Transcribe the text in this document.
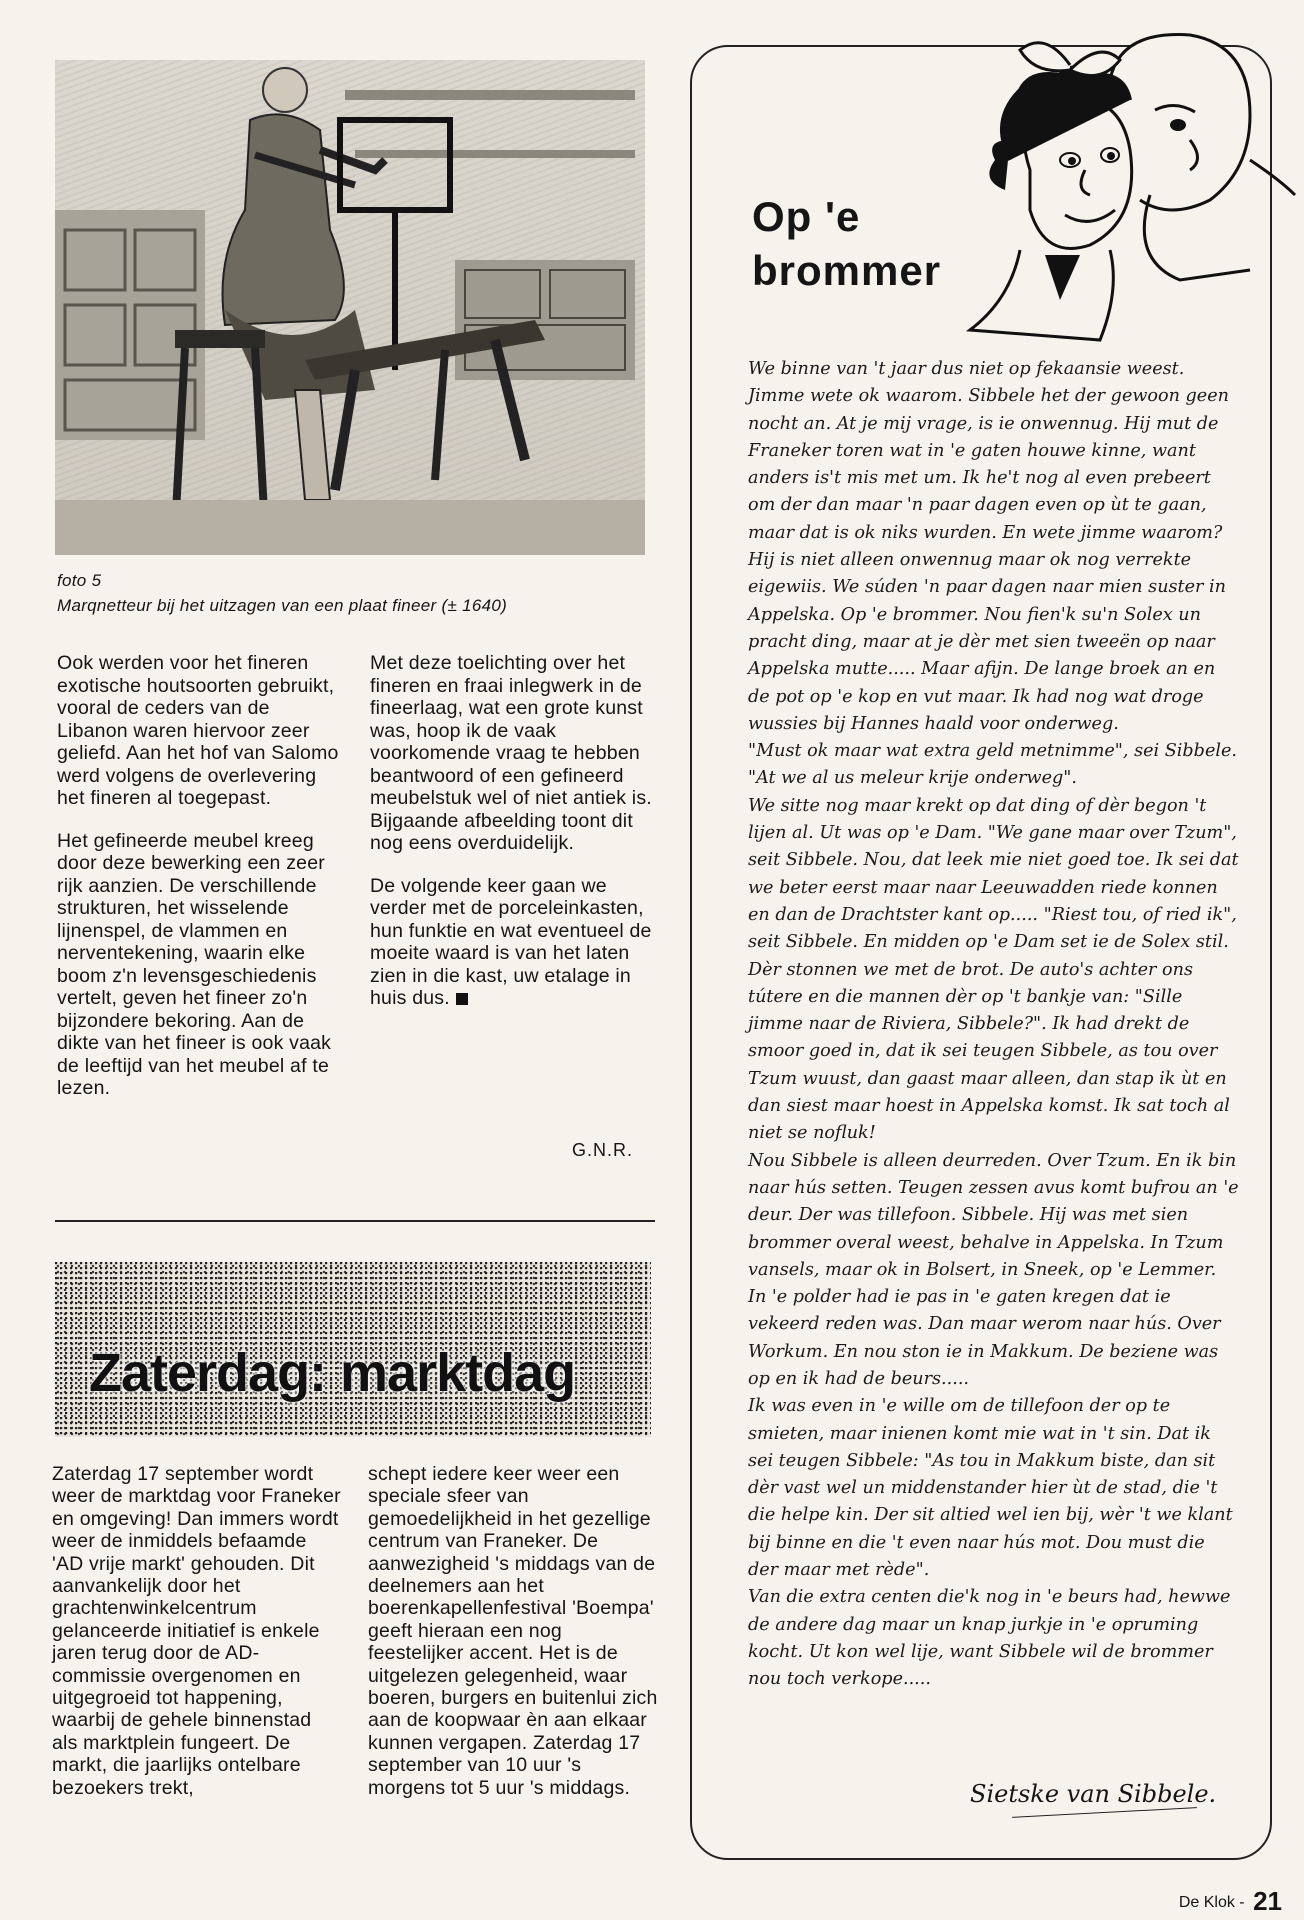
foto 5
Marqnetteur bij het uitzagen van een plaat fineer (± 1640)

Ook werden voor het fineren exotische houtsoorten gebruikt, vooral de ceders van de Libanon waren hiervoor zeer geliefd. Aan het hof van Salomo werd volgens de overlevering het fineren al toegepast.

Het gefineerde meubel kreeg door deze bewerking een zeer rijk aanzien. De verschillende strukturen, het wisselende lijnenspel, de vlammen en nerventekening, waarin elke boom z'n levensgeschiedenis vertelt, geven het fineer zo'n bijzondere bekoring. Aan de dikte van het fineer is ook vaak de leeftijd van het meubel af te lezen.

Met deze toelichting over het fineren en fraai inlegwerk in de fineerlaag, wat een grote kunst was, hoop ik de vaak voorkomende vraag te hebben beantwoord of een gefineerd meubelstuk wel of niet antiek is. Bijgaande afbeelding toont dit nog eens overduidelijk.

De volgende keer gaan we verder met de porceleinkasten, hun funktie en wat eventueel de moeite waard is van het laten zien in die kast, uw etalage in huis dus.

G.N.R.
Zaterdag: marktdag

Zaterdag 17 september wordt weer de marktdag voor Franeker en omgeving! Dan immers wordt weer de inmiddels befaamde 'AD vrije markt' gehouden. Dit aanvankelijk door het grachtenwinkelcentrum gelanceerde initiatief is enkele jaren terug door de AD-commissie overgenomen en uitgegroeid tot happening, waarbij de gehele binnenstad als marktplein fungeert. De markt, die jaarlijks ontelbare bezoekers trekt,

schept iedere keer weer een speciale sfeer van gemoedelijkheid in het gezellige centrum van Franeker. De aanwezigheid 's middags van de deelnemers aan het boerenkapellenfestival 'Boempa' geeft hieraan een nog feestelijker accent. Het is de uitgelezen gelegenheid, waar boeren, burgers en buitenlui zich aan de koopwaar èn aan elkaar kunnen vergapen. Zaterdag 17 september van 10 uur 's morgens tot 5 uur 's middags.

Op 'e
brommer

We binne van 't jaar dus niet op fekaansie weest. Jimme wete ok waarom. Sibbele het der gewoon geen nocht an. At je mij vrage, is ie onwennug. Hij mut de Franeker toren wat in 'e gaten houwe kinne, want anders is't mis met um. Ik he't nog al even prebeert om der dan maar 'n paar dagen even op ùt te gaan, maar dat is ok niks wurden. En wete jimme waarom? Hij is niet alleen onwennug maar ok nog verrekte eigewiis. We súden 'n paar dagen naar mien suster in Appelska. Op 'e brommer. Nou fien'k su'n Solex un pracht ding, maar at je dèr met sien tweeën op naar Appelska mutte..... Maar afijn. De lange broek an en de pot op 'e kop en vut maar. Ik had nog wat droge wussies bij Hannes haald voor onderweg.

"Must ok maar wat extra geld metnimme", sei Sibbele. "At we al us meleur krije onderweg".

We sitte nog maar krekt op dat ding of dèr begon 't lijen al. Ut was op 'e Dam. "We gane maar over Tzum", seit Sibbele. Nou, dat leek mie niet goed toe. Ik sei dat we beter eerst maar naar Leeuwadden riede konnen en dan de Drachtster kant op..... "Riest tou, of ried ik", seit Sibbele. En midden op 'e Dam set ie de Solex stil. Dèr stonnen we met de brot. De auto's achter ons tútere en die mannen dèr op 't bankje van: "Sille jimme naar de Riviera, Sibbele?". Ik had drekt de smoor goed in, dat ik sei teugen Sibbele, as tou over Tzum wuust, dan gaast maar alleen, dan stap ik ùt en dan siest maar hoest in Appelska komst. Ik sat toch al niet se nofluk!

Nou Sibbele is alleen deurreden. Over Tzum. En ik bin naar hús setten. Teugen zessen avus komt bufrou an 'e deur. Der was tillefoon. Sibbele. Hij was met sien brommer overal weest, behalve in Appelska. In Tzum vansels, maar ok in Bolsert, in Sneek, op 'e Lemmer. In 'e polder had ie pas in 'e gaten kregen dat ie vekeerd reden was. Dan maar werom naar hús. Over Workum. En nou ston ie in Makkum. De beziene was op en ik had de beurs.....

Ik was even in 'e wille om de tillefoon der op te smieten, maar inienen komt mie wat in 't sin. Dat ik sei teugen Sibbele: "As tou in Makkum biste, dan sit dèr vast wel un middenstander hier ùt de stad, die 't die helpe kin. Der sit altied wel ien bij, wèr 't we klant bij binne en die 't even naar hús mot. Dou must die der maar met rède".

Van die extra centen die'k nog in 'e beurs had, hewwe de andere dag maar un knap jurkje in 'e opruming kocht. Ut kon wel lije, want Sibbele wil de brommer nou toch verkope.....

Sietske van Sibbele.
De Klok - 21
